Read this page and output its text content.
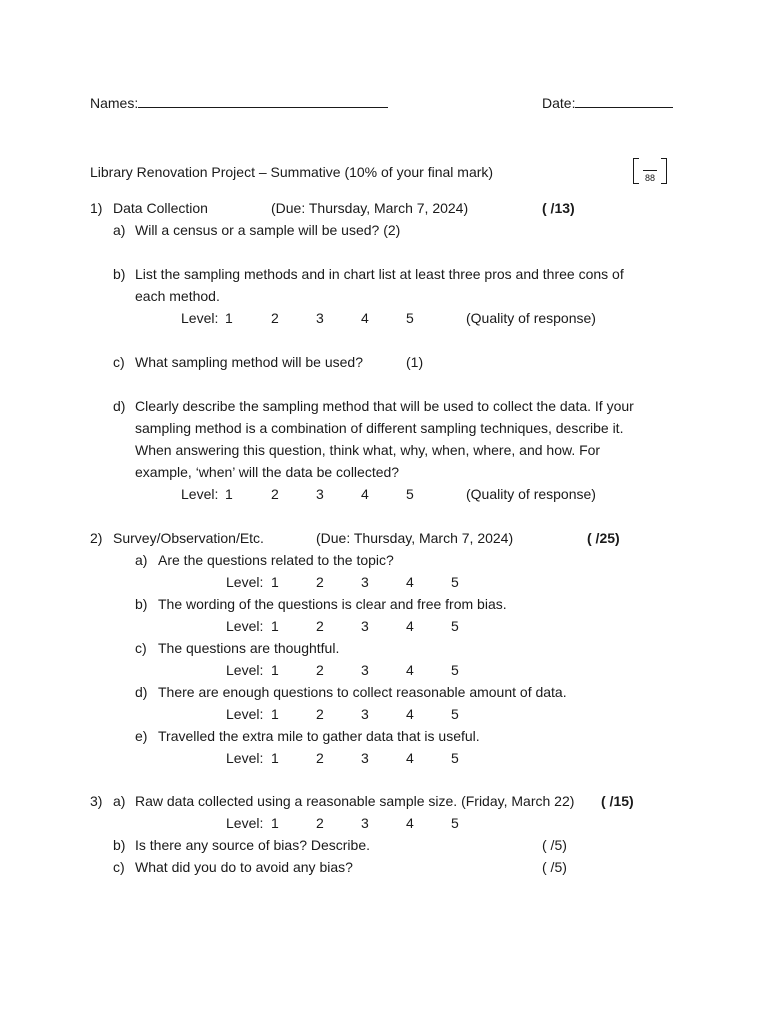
Names:	Date:
Library Renovation Project – Summative (10% of your final mark)	88
1) Data Collection	(Due: Thursday, March 7, 2024)	( /13)
a) Will a census or a sample will be used? (2)
b) List the sampling methods and in chart list at least three pros and three cons of
each method.
Level: 1	2	3	4	5	(Quality of response)
c) What sampling method will be used?	(1)
d) Clearly describe the sampling method that will be used to collect the data. If your
sampling method is a combination of different sampling techniques, describe it.
When answering this question, think what, why, when, where, and how. For
example, ‘when’ will the data be collected?
Level: 1	2	3	4	5	(Quality of response)
2) Survey/Observation/Etc.	(Due: Thursday, March 7, 2024)	( /25)
a) Are the questions related to the topic?
Level: 1	2	3	4	5
b) The wording of the questions is clear and free from bias.
Level: 1	2	3	4	5
c) The questions are thoughtful.
Level: 1	2	3	4	5
d) There are enough questions to collect reasonable amount of data.
Level: 1	2	3	4	5
e) Travelled the extra mile to gather data that is useful.
Level: 1	2	3	4	5
3) a) Raw data collected using a reasonable sample size. (Friday, March 22) ( /15)
Level: 1	2	3	4	5
b) Is there any source of bias? Describe.	( /5)
c) What did you do to avoid any bias?	( /5)
